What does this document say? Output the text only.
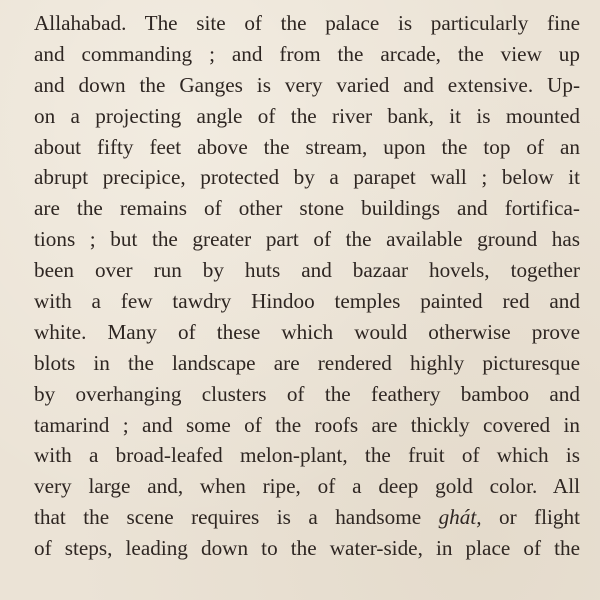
Allahabad. The site of the palace is particularly fine
and commanding ; and from the arcade, the view up
and down the Ganges is very varied and extensive. Up-
on a projecting angle of the river bank, it is mounted
about fifty feet above the stream, upon the top of an
abrupt precipice, protected by a parapet wall ; below it
are the remains of other stone buildings and fortifica-
tions ; but the greater part of the available ground has
been over run by huts and bazaar hovels, together
with a few tawdry Hindoo temples painted red and
white. Many of these which would otherwise prove
blots in the landscape are rendered highly picturesque
by overhanging clusters of the feathery bamboo and
tamarind ; and some of the roofs are thickly covered in
with a broad-leafed melon-plant, the fruit of which is
very large and, when ripe, of a deep gold color. All
that the scene requires is a handsome ghát, or flight
of steps, leading down to the water-side, in place of the
